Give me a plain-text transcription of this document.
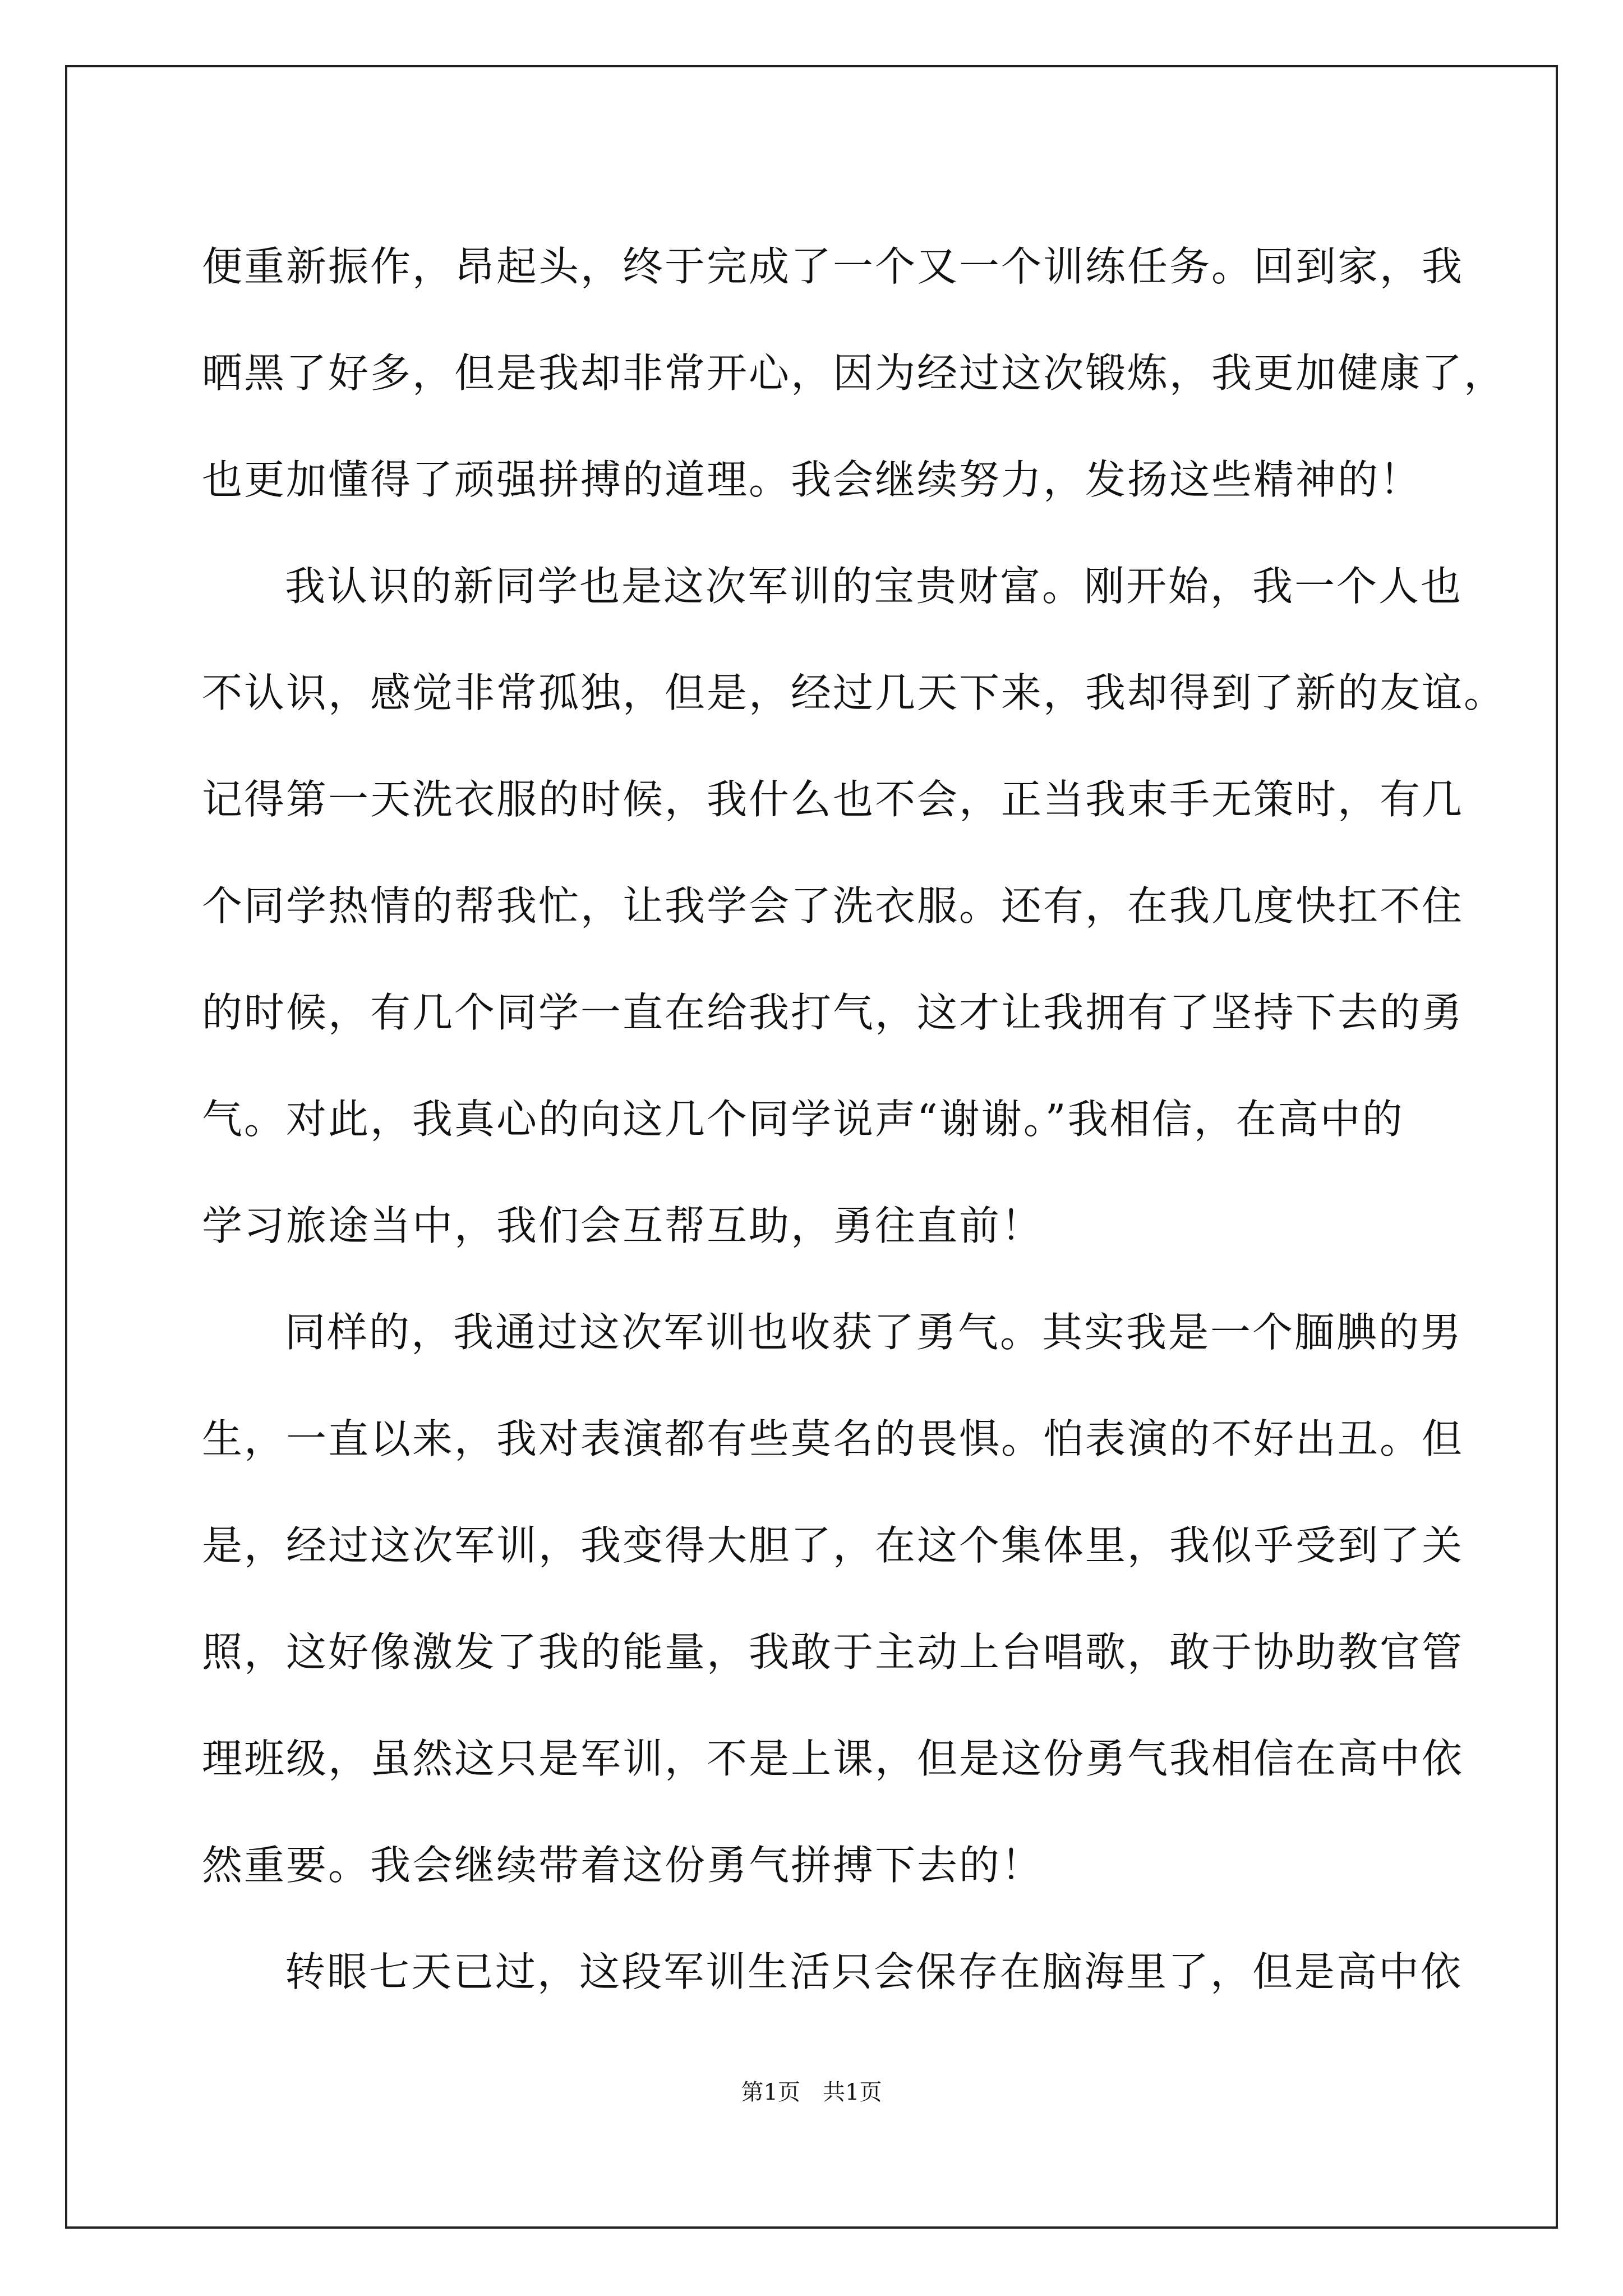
便重新振作，昂起头，终于完成了一个又一个训练任务。回到家，我
晒黑了好多，但是我却非常开心，因为经过这次锻炼，我更加健康了，
也更加懂得了顽强拼搏的道理。我会继续努力，发扬这些精神的！
我认识的新同学也是这次军训的宝贵财富。刚开始，我一个人也
不认识，感觉非常孤独，但是，经过几天下来，我却得到了新的友谊。
记得第一天洗衣服的时候，我什么也不会，正当我束手无策时，有几
个同学热情的帮我忙，让我学会了洗衣服。还有，在我几度快扛不住
的时候，有几个同学一直在给我打气，这才让我拥有了坚持下去的勇
气。对此，我真心的向这几个同学说声“谢谢。”我相信，在高中的
学习旅途当中，我们会互帮互助，勇往直前！
同样的，我通过这次军训也收获了勇气。其实我是一个腼腆的男
生，一直以来，我对表演都有些莫名的畏惧。怕表演的不好出丑。但
是，经过这次军训，我变得大胆了，在这个集体里，我似乎受到了关
照，这好像激发了我的能量，我敢于主动上台唱歌，敢于协助教官管
理班级，虽然这只是军训，不是上课，但是这份勇气我相信在高中依
然重要。我会继续带着这份勇气拼搏下去的！
转眼七天已过，这段军训生活只会保存在脑海里了，但是高中依
第1页　共1页
